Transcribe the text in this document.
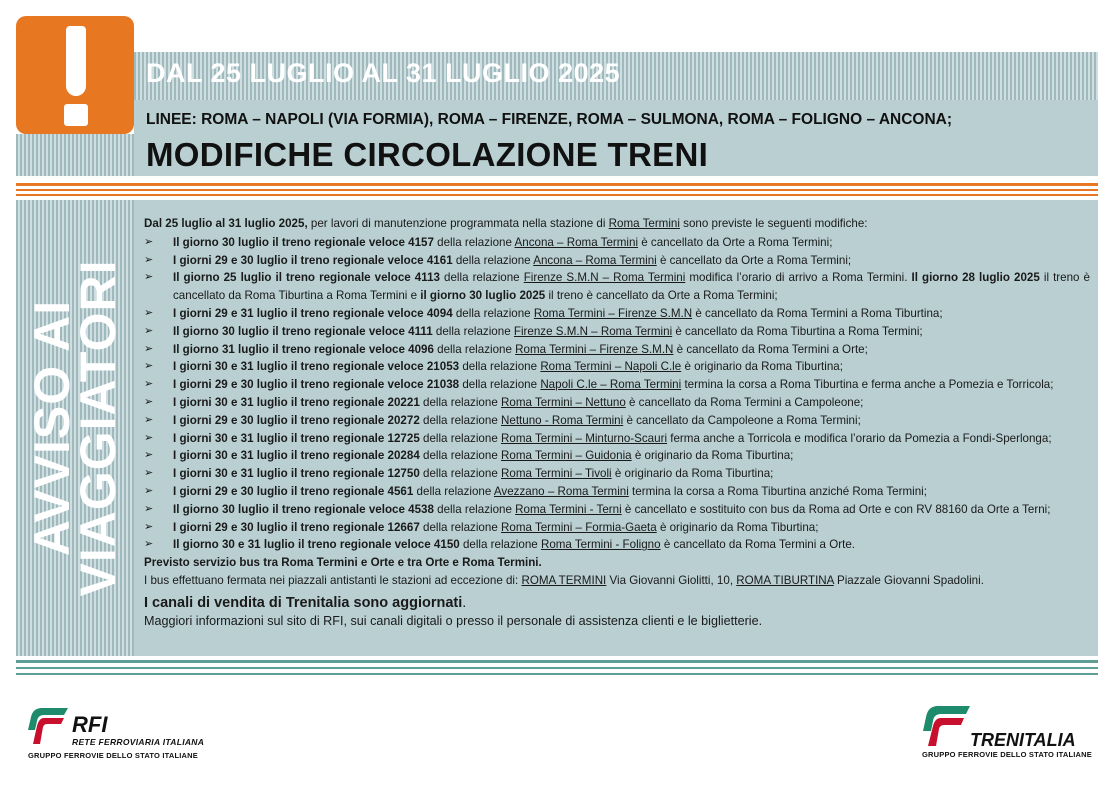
DAL 25 LUGLIO AL 31 LUGLIO 2025
LINEE: ROMA – NAPOLI (VIA FORMIA), ROMA – FIRENZE, ROMA – SULMONA, ROMA – FOLIGNO – ANCONA;
MODIFICHE CIRCOLAZIONE TRENI
AVVISO AI
VIAGGIATORI
Dal 25 luglio al 31 luglio 2025, per lavori di manutenzione programmata nella stazione di Roma Termini sono previste le seguenti modifiche:
➢ Il giorno 30 luglio il treno regionale veloce 4157 della relazione Ancona – Roma Termini è cancellato da Orte a Roma Termini;
➢ I giorni 29 e 30 luglio il treno regionale veloce 4161 della relazione Ancona – Roma Termini è cancellato da Orte a Roma Termini;
➢ Il giorno 25 luglio il treno regionale veloce 4113 della relazione Firenze S.M.N – Roma Termini modifica l’orario di arrivo a Roma Termini. Il giorno 28 luglio 2025 il treno è cancellato da Roma Tiburtina a Roma Termini e il giorno 30 luglio 2025 il treno è cancellato da Orte a Roma Termini;
➢ I giorni 29 e 31 luglio il treno regionale veloce 4094 della relazione Roma Termini – Firenze S.M.N è cancellato da Roma Termini a Roma Tiburtina;
➢ Il giorno 30 luglio il treno regionale veloce 4111 della relazione Firenze S.M.N – Roma Termini è cancellato da Roma Tiburtina a Roma Termini;
➢ Il giorno 31 luglio il treno regionale veloce 4096 della relazione Roma Termini – Firenze S.M.N è cancellato da Roma Termini a Orte;
➢ I giorni 30 e 31 luglio il treno regionale veloce 21053 della relazione Roma Termini – Napoli C.le è originario da Roma Tiburtina;
➢ I giorni 29 e 30 luglio il treno regionale veloce 21038 della relazione Napoli C.le – Roma Termini termina la corsa a Roma Tiburtina e ferma anche a Pomezia e Torricola;
➢ I giorni 30 e 31 luglio il treno regionale 20221 della relazione Roma Termini – Nettuno è cancellato da Roma Termini a Campoleone;
➢ I giorni 29 e 30 luglio il treno regionale 20272 della relazione Nettuno - Roma Termini è cancellato da Campoleone a Roma Termini;
➢ I giorni 30 e 31 luglio il treno regionale 12725 della relazione Roma Termini – Minturno-Scauri ferma anche a Torricola e modifica l’orario da Pomezia a Fondi-Sperlonga;
➢ I giorni 30 e 31 luglio il treno regionale 20284 della relazione Roma Termini – Guidonia è originario da Roma Tiburtina;
➢ I giorni 30 e 31 luglio il treno regionale 12750 della relazione Roma Termini – Tivoli è originario da Roma Tiburtina;
➢ I giorni 29 e 30 luglio il treno regionale 4561 della relazione Avezzano – Roma Termini termina la corsa a Roma Tiburtina anziché Roma Termini;
➢ Il giorno 30 luglio il treno regionale veloce 4538 della relazione Roma Termini - Terni è cancellato e sostituito con bus da Roma ad Orte e con RV 88160 da Orte a Terni;
➢ I giorni 29 e 30 luglio il treno regionale 12667 della relazione Roma Termini – Formia-Gaeta è originario da Roma Tiburtina;
➢ Il giorno 30 e 31 luglio il treno regionale veloce 4150 della relazione Roma Termini - Foligno è cancellato da Roma Termini a Orte.
Previsto servizio bus tra Roma Termini e Orte e tra Orte e Roma Termini.
I bus effettuano fermata nei piazzali antistanti le stazioni ad eccezione di: ROMA TERMINI Via Giovanni Giolitti, 10, ROMA TIBURTINA Piazzale Giovanni Spadolini.
I canali di vendita di Trenitalia sono aggiornati.
Maggiori informazioni sul sito di RFI, sui canali digitali o presso il personale di assistenza clienti e le biglietterie.
RFI
RETE FERROVIARIA ITALIANA
GRUPPO FERROVIE DELLO STATO ITALIANE
TRENITALIA
GRUPPO FERROVIE DELLO STATO ITALIANE
